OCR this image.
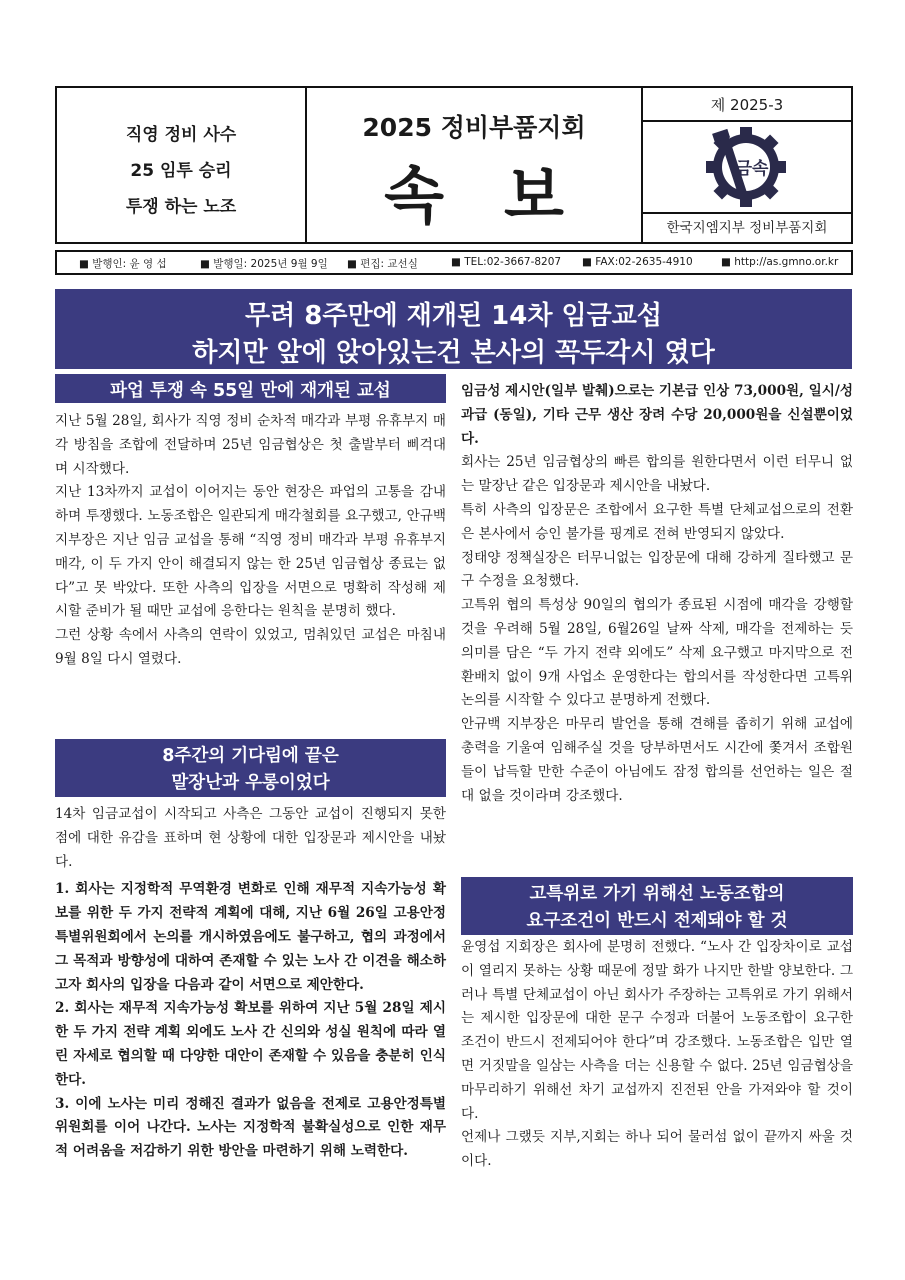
직영 정비 사수
25 임투 승리
투쟁 하는 노조
2025 정비부품지회
속보
제 2025-3
금속
한국지엠지부 정비부품지회
■ 발행인: 윤 영 섭	■ 발행일: 2025년 9월 9일 ■ 편집: 교선실	■ TEL:02-3667-8207 ■ FAX:02-2635-4910	■ http://as.gmno.or.kr
무려 8주만에 재개된 14차 임금교섭
하지만 앞에 앉아있는건 본사의 꼭두각시 였다
파업 투쟁 속 55일 만에 재개된 교섭

지난 5월 28일, 회사가 직영 정비 순차적 매각과 부평 유휴부지 매각 방침을 조합에 전달하며 25년 임금협상은 첫 출발부터 삐걱대며 시작했다.

지난 13차까지 교섭이 이어지는 동안 현장은 파업의 고통을 감내하며 투쟁했다. 노동조합은 일관되게 매각철회를 요구했고, 안규백 지부장은 지난 임금 교섭을 통해 “직영 정비 매각과 부평 유휴부지 매각, 이 두 가지 안이 해결되지 않는 한 25년 임금협상 종료는 없다”고 못 박았다. 또한 사측의 입장을 서면으로 명확히 작성해 제시할 준비가 될 때만 교섭에 응한다는 원칙을 분명히 했다.

그런 상황 속에서 사측의 연락이 있었고, 멈춰있던 교섭은 마침내 9월 8일 다시 열렸다.

8주간의 기다림에 끝은
말장난과 우롱이었다

14차 임금교섭이 시작되고 사측은 그동안 교섭이 진행되지 못한 점에 대한 유감을 표하며 현 상황에 대한 입장문과 제시안을 내놨다.

1. 회사는 지정학적 무역환경 변화로 인해 재무적 지속가능성 확보를 위한 두 가지 전략적 계획에 대해, 지난 6월 26일 고용안정특별위원회에서 논의를 개시하였음에도 불구하고, 협의 과정에서 그 목적과 방향성에 대하여 존재할 수 있는 노사 간 이견을 해소하고자 회사의 입장을 다음과 같이 서면으로 제안한다.

2. 회사는 재무적 지속가능성 확보를 위하여 지난 5월 28일 제시한 두 가지 전략 계획 외에도 노사 간 신의와 성실 원칙에 따라 열린 자세로 협의할 때 다양한 대안이 존재할 수 있음을 충분히 인식한다.

3. 이에 노사는 미리 정해진 결과가 없음을 전제로 고용안정특별위원회를 이어 나간다. 노사는 지정학적 불확실성으로 인한 재무적 어려움을 저감하기 위한 방안을 마련하기 위해 노력한다.

임금성 제시안(일부 발췌)으로는 기본급 인상 73,000원, 일시/성과급 (동일), 기타 근무 생산 장려 수당 20,000원을 신설뿐이었다.

회사는 25년 임금협상의 빠른 합의를 원한다면서 이런 터무니 없는 말장난 같은 입장문과 제시안을 내놨다.

특히 사측의 입장문은 조합에서 요구한 특별 단체교섭으로의 전환은 본사에서 승인 불가를 핑계로 전혀 반영되지 않았다.

정태양 정책실장은 터무니없는 입장문에 대해 강하게 질타했고 문구 수정을 요청했다.

고특위 협의 특성상 90일의 협의가 종료된 시점에 매각을 강행할 것을 우려해 5월 28일, 6월26일 날짜 삭제, 매각을 전제하는 듯 의미를 담은 “두 가지 전략 외에도” 삭제 요구했고 마지막으로 전환배치 없이 9개 사업소 운영한다는 합의서를 작성한다면 고특위 논의를 시작할 수 있다고 분명하게 전했다.

안규백 지부장은 마무리 발언을 통해 견해를 좁히기 위해 교섭에 총력을 기울여 임해주실 것을 당부하면서도 시간에 쫓겨서 조합원들이 납득할 만한 수준이 아님에도 잠정 합의를 선언하는 일은 절대 없을 것이라며 강조했다.

고특위로 가기 위해선 노동조합의
요구조건이 반드시 전제돼야 할 것

윤영섭 지회장은 회사에 분명히 전했다. “노사 간 입장차이로 교섭이 열리지 못하는 상황 때문에 정말 화가 나지만 한발 양보한다. 그러나 특별 단체교섭이 아닌 회사가 주장하는 고특위로 가기 위해서는 제시한 입장문에 대한 문구 수정과 더불어 노동조합이 요구한 조건이 반드시 전제되어야 한다”며 강조했다. 노동조합은 입만 열면 거짓말을 일삼는 사측을 더는 신용할 수 없다. 25년 임금협상을 마무리하기 위해선 차기 교섭까지 진전된 안을 가져와야 할 것이다.

언제나 그랬듯 지부,지회는 하나 되어 물러섬 없이 끝까지 싸울 것이다.
